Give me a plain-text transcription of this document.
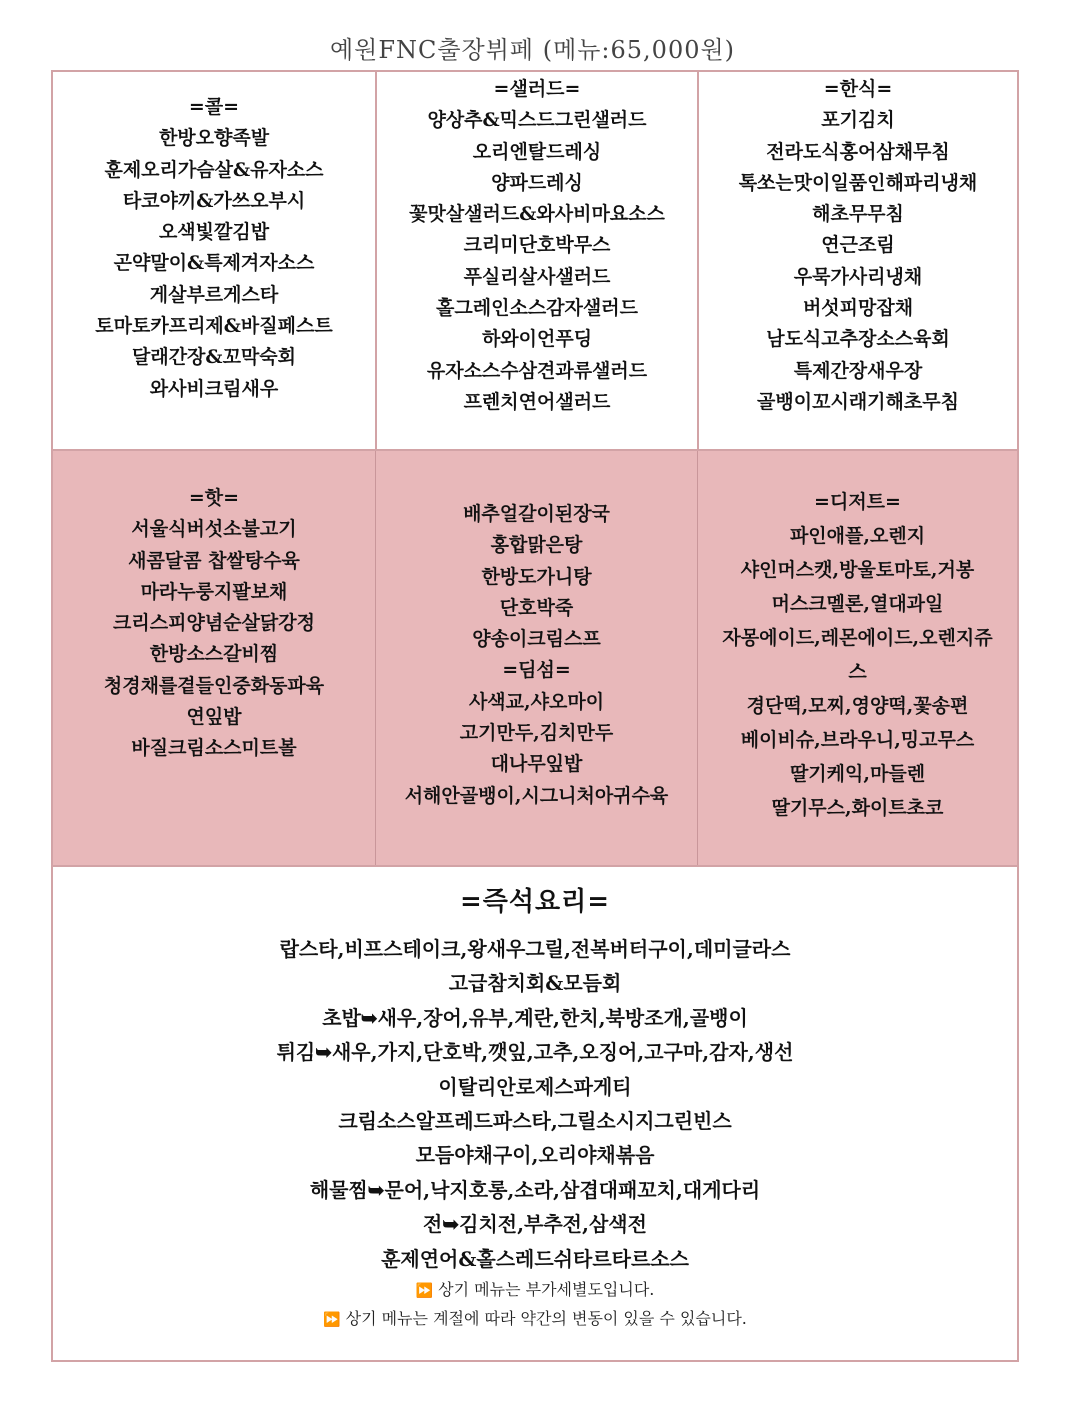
예원FNC출장뷔페 (메뉴:65,000원)
=콜=
한방오향족발
훈제오리가슴살&유자소스
타코야끼&가쓰오부시
오색빛깔김밥
곤약말이&특제겨자소스
게살부르게스타
토마토카프리제&바질페스트
달래간장&꼬막숙회
와사비크림새우
=샐러드=
양상추&믹스드그린샐러드
오리엔탈드레싱
양파드레싱
꽃맛살샐러드&와사비마요소스
크리미단호박무스
푸실리살사샐러드
홀그레인소스감자샐러드
하와이언푸딩
유자소스수삼견과류샐러드
프렌치연어샐러드
=한식=
포기김치
전라도식홍어삼채무침
톡쏘는맛이일품인해파리냉채
해초무무침
연근조림
우묵가사리냉채
버섯피망잡채
남도식고추장소스육회
특제간장새우장
골뱅이꼬시래기해초무침
=핫=
서울식버섯소불고기
새콤달콤 찹쌀탕수육
마라누룽지팔보채
크리스피양념순살닭강정
한방소스갈비찜
청경채를곁들인중화동파육
연잎밥
바질크림소스미트볼
배추얼갈이된장국
홍합맑은탕
한방도가니탕
단호박죽
양송이크림스프
=딤섬=
사색교,샤오마이
고기만두,김치만두
대나무잎밥
서해안골뱅이,시그니처아귀수육
=디저트=
파인애플,오렌지
샤인머스캣,방울토마토,거봉
머스크멜론,열대과일
자몽에이드,레몬에이드,오렌지쥬
스
경단떡,모찌,영양떡,꽃송편
베이비슈,브라우니,밍고무스
딸기케익,마들렌
딸기무스,화이트초코
=즉석요리=
랍스타,비프스테이크,왕새우그릴,전복버터구이,데미글라스
고급참치회&모듬회
초밥➥새우,장어,유부,계란,한치,북방조개,골뱅이
튀김➥새우,가지,단호박,깻잎,고추,오징어,고구마,감자,생선
이탈리안로제스파게티
크림소스알프레드파스타,그릴소시지그린빈스
모듬야채구이,오리야채볶음
해물찜➥문어,낙지호롱,소라,삼겹대패꼬치,대게다리
전➥김치전,부추전,삼색전
훈제연어&홀스레드쉬타르타르소스
⏩ 상기 메뉴는 부가세별도입니다.
⏩ 상기 메뉴는 계절에 따라 약간의 변동이 있을 수 있습니다.
